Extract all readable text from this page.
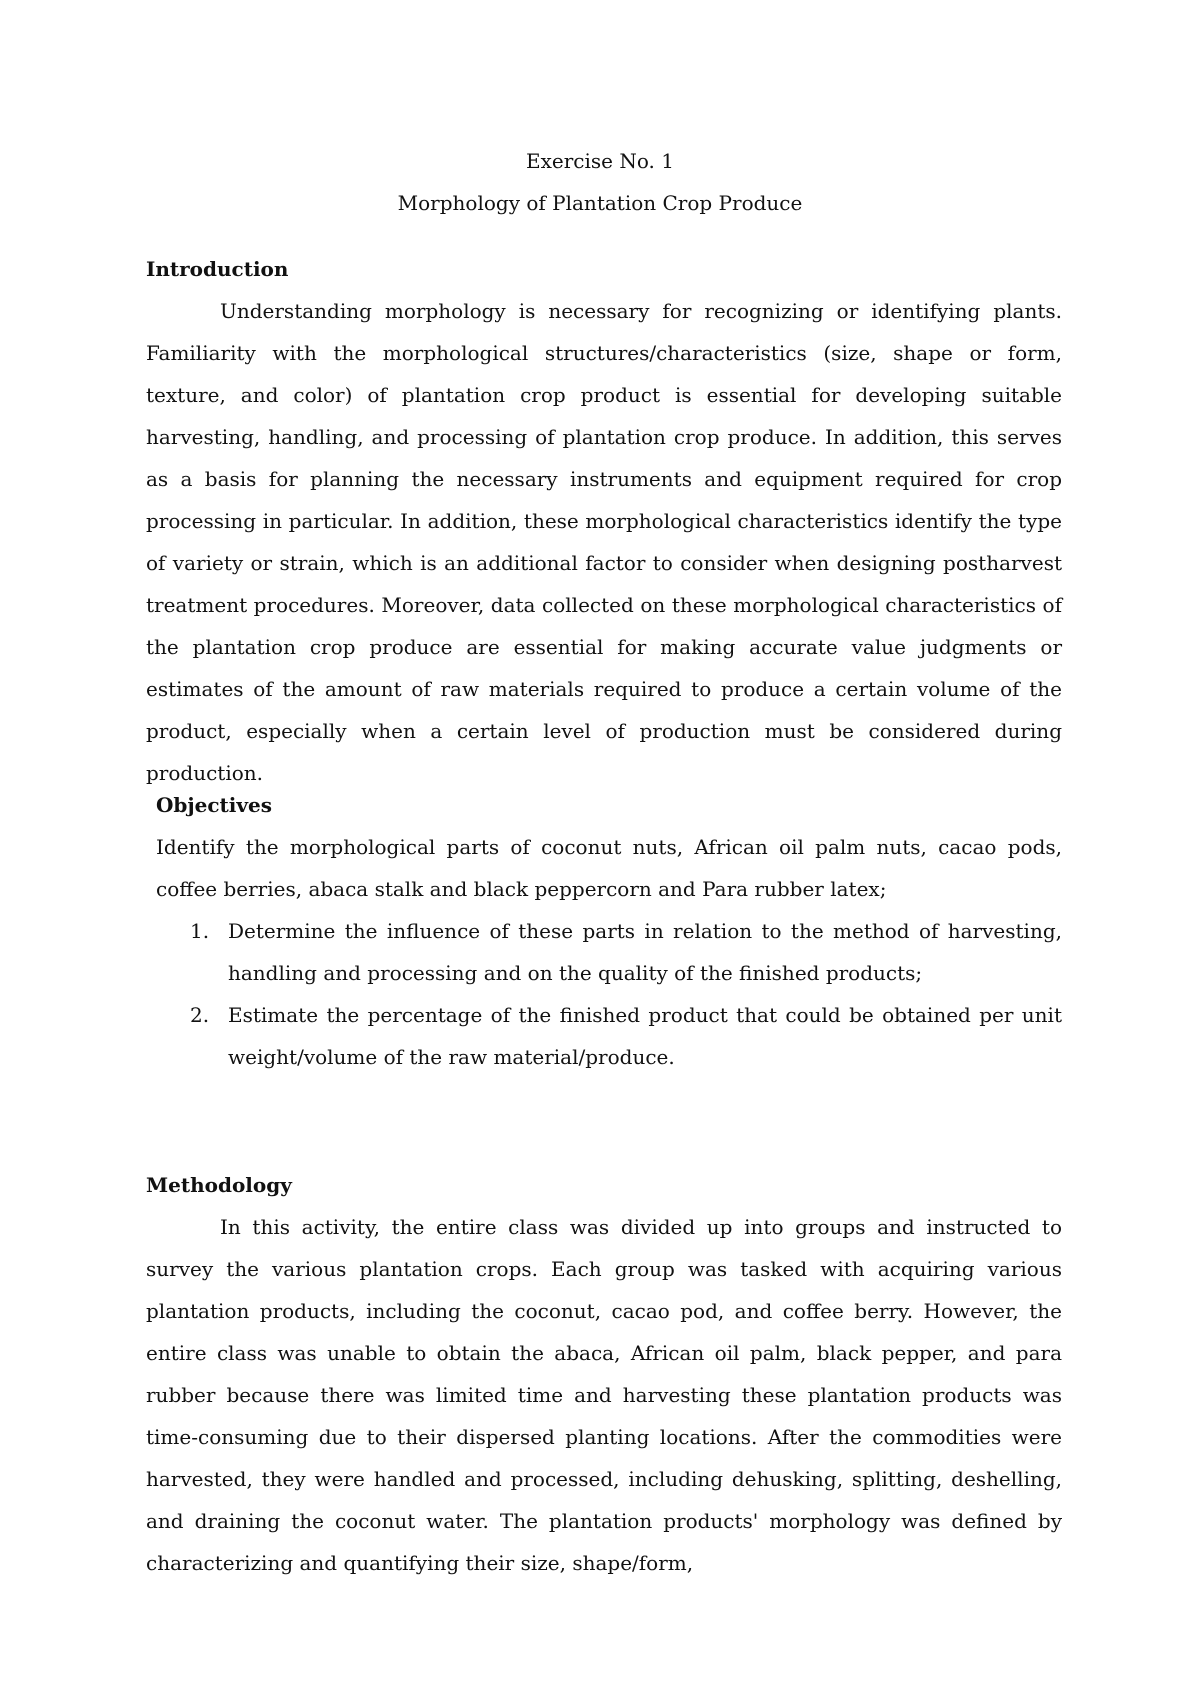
Exercise No. 1
Morphology of Plantation Crop Produce
Introduction

Understanding morphology is necessary for recognizing or identifying plants. Familiarity with the morphological structures/characteristics (size, shape or form, texture, and color) of plantation crop product is essential for developing suitable harvesting, handling, and processing of plantation crop produce. In addition, this serves as a basis for planning the necessary instruments and equipment required for crop processing in particular. In addition, these morphological characteristics identify the type of variety or strain, which is an additional factor to consider when designing postharvest treatment procedures. Moreover, data collected on these morphological characteristics of the plantation crop produce are essential for making accurate value judgments or estimates of the amount of raw materials required to produce a certain volume of the product, especially when a certain level of production must be considered during production.

Objectives

Identify the morphological parts of coconut nuts, African oil palm nuts, cacao pods, coffee berries, abaca stalk and black peppercorn and Para rubber latex;

1. Determine the influence of these parts in relation to the method of harvesting, handling and processing and on the quality of the finished products;
2. Estimate the percentage of the finished product that could be obtained per unit weight/volume of the raw material/produce.
Methodology

In this activity, the entire class was divided up into groups and instructed to survey the various plantation crops. Each group was tasked with acquiring various plantation products, including the coconut, cacao pod, and coffee berry. However, the entire class was unable to obtain the abaca, African oil palm, black pepper, and para rubber because there was limited time and harvesting these plantation products was time-consuming due to their dispersed planting locations. After the commodities were harvested, they were handled and processed, including dehusking, splitting, deshelling, and draining the coconut water. The plantation products' morphology was defined by characterizing and quantifying their size, shape/form,
